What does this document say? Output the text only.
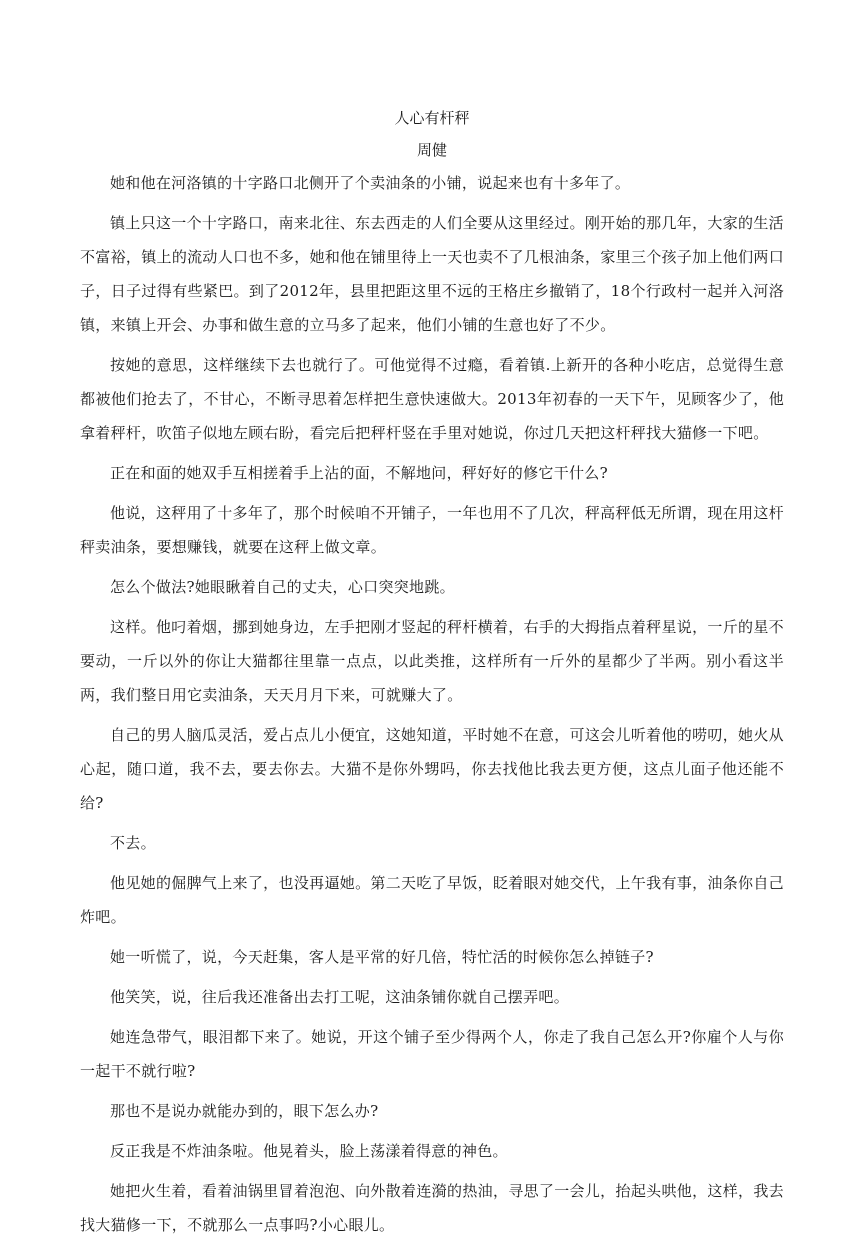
人心有杆秤
周健

她和他在河洛镇的十字路口北侧开了个卖油条的小铺，说起来也有十多年了。

镇上只这一个十字路口，南来北往、东去西走的人们全要从这里经过。刚开始的那几年，大家的生活不富裕，镇上的流动人口也不多，她和他在铺里待上一天也卖不了几根油条，家里三个孩子加上他们两口子，日子过得有些紧巴。到了2012年，县里把距这里不远的王格庄乡撤销了，18个行政村一起并入河洛镇，来镇上开会、办事和做生意的立马多了起来，他们小铺的生意也好了不少。

按她的意思，这样继续下去也就行了。可他觉得不过瘾，看着镇.上新开的各种小吃店，总觉得生意都被他们抢去了，不甘心，不断寻思着怎样把生意快速做大。2013年初春的一天下午，见顾客少了，他拿着秤杆，吹笛子似地左顾右盼，看完后把秤杆竖在手里对她说，你过几天把这杆秤找大猫修一下吧。

正在和面的她双手互相搓着手上沾的面，不解地问，秤好好的修它干什么?

他说，这秤用了十多年了，那个时候咱不开铺子，一年也用不了几次，秤高秤低无所谓，现在用这杆秤卖油条，要想赚钱，就要在这秤上做文章。

怎么个做法?她眼瞅着自己的丈夫，心口突突地跳。

这样。他叼着烟，挪到她身边，左手把刚才竖起的秤杆横着，右手的大拇指点着秤星说，一斤的星不要动，一斤以外的你让大猫都往里靠一点点，以此类推，这样所有一斤外的星都少了半两。别小看这半两，我们整日用它卖油条，天天月月下来，可就赚大了。

自己的男人脑瓜灵活，爱占点儿小便宜，这她知道，平时她不在意，可这会儿听着他的唠叨，她火从心起，随口道，我不去，要去你去。大猫不是你外甥吗，你去找他比我去更方便，这点儿面子他还能不给?

不去。

他见她的倔脾气上来了，也没再逼她。第二天吃了早饭，眨着眼对她交代，上午我有事，油条你自己炸吧。

她一听慌了，说，今天赶集，客人是平常的好几倍，特忙活的时候你怎么掉链子?

他笑笑，说，往后我还准备出去打工呢，这油条铺你就自己摆弄吧。

她连急带气，眼泪都下来了。她说，开这个铺子至少得两个人，你走了我自己怎么开?你雇个人与你一起干不就行啦?

那也不是说办就能办到的，眼下怎么办?

反正我是不炸油条啦。他晃着头，脸上荡漾着得意的神色。

她把火生着，看着油锅里冒着泡泡、向外散着连漪的热油，寻思了一会儿，抬起头哄他，这样，我去找大猫修一下，不就那么一点事吗?小心眼儿。
